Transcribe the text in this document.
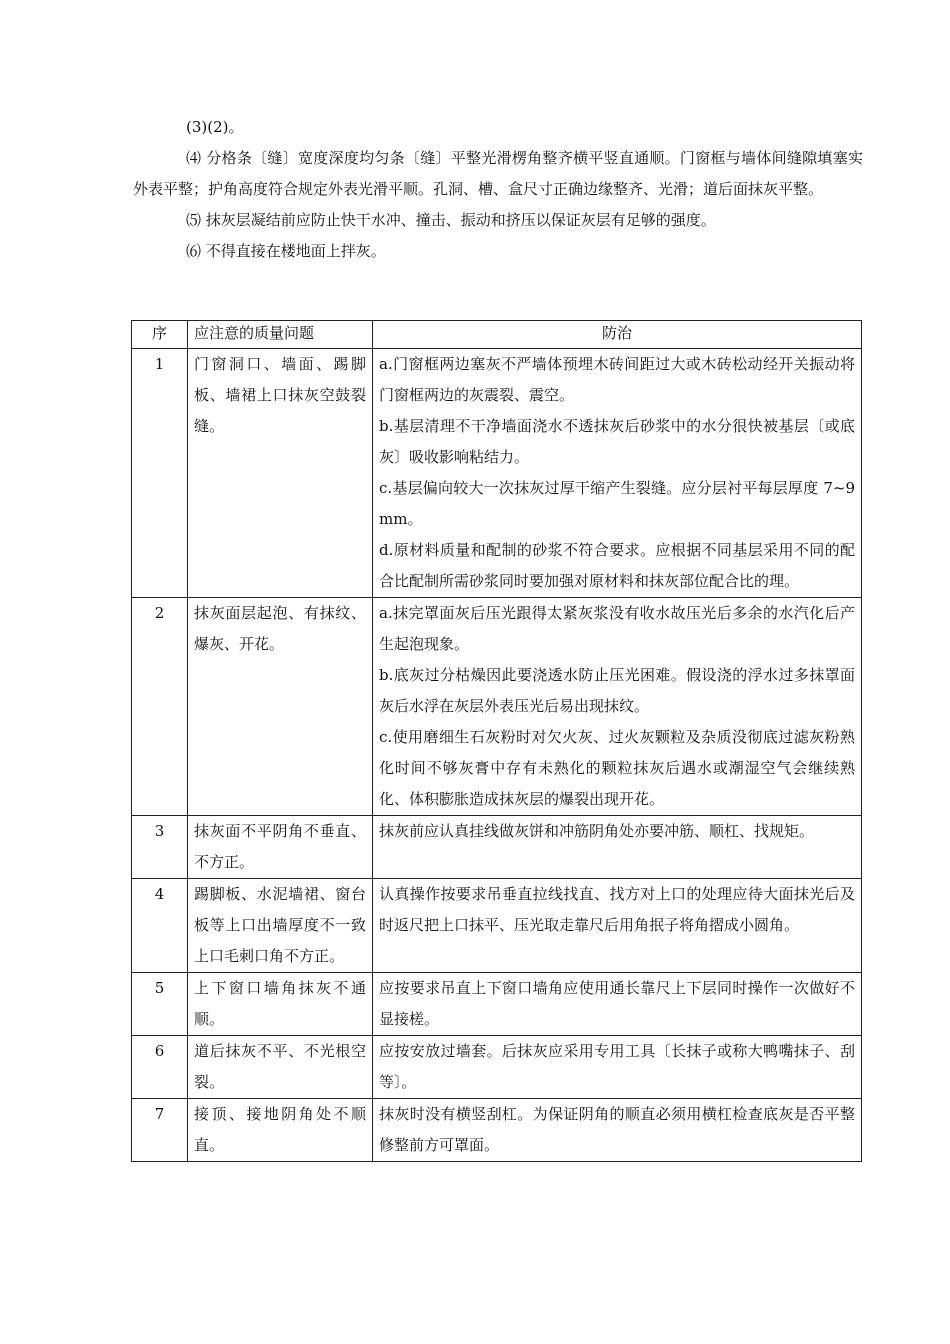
(3)(2)。

⑷ 分格条〔缝〕宽度深度均匀条〔缝〕平整光滑楞角整齐横平竖直通顺。门窗框与墙体间缝隙填塞实外表平整；护角高度符合规定外表光滑平顺。孔洞、槽、盒尺寸正确边缘整齐、光滑；道后面抹灰平整。

⑸ 抹灰层凝结前应防止快干水冲、撞击、振动和挤压以保证灰层有足够的强度。

⑹ 不得直接在楼地面上拌灰。

序	应注意的质量问题	防治
1	门窗洞口、墙面、踢脚板、墙裙上口抹灰空鼓裂缝。	a.门窗框两边塞灰不严墙体预埋木砖间距过大或木砖松动经开关振动将门窗框两边的灰震裂、震空。

b.基层清理不干净墙面浇水不透抹灰后砂浆中的水分很快被基层〔或底灰〕吸收影响粘结力。

c.基层偏向较大一次抹灰过厚干缩产生裂缝。应分层衬平每层厚度 7~9 mm。

d.原材料质量和配制的砂浆不符合要求。应根据不同基层采用不同的配合比配制所需砂浆同时要加强对原材料和抹灰部位配合比的理。

2	抹灰面层起泡、有抹纹、爆灰、开花。	a.抹完罩面灰后压光跟得太紧灰浆没有收水故压光后多余的水汽化后产生起泡现象。

b.底灰过分枯燥因此要浇透水防止压光困难。假设浇的浮水过多抹罩面灰后水浮在灰层外表压光后易出现抹纹。

c.使用磨细生石灰粉时对欠火灰、过火灰颗粒及杂质没彻底过滤灰粉熟化时间不够灰膏中存有未熟化的颗粒抹灰后遇水或潮湿空气会继续熟化、体积膨胀造成抹灰层的爆裂出现开花。

3	抹灰面不平阴角不垂直、不方正。	抹灰前应认真挂线做灰饼和冲筋阴角处亦要冲筋、顺杠、找规矩。

4	踢脚板、水泥墙裙、窗台板等上口出墙厚度不一致上口毛刺口角不方正。	认真操作按要求吊垂直拉线找直、找方对上口的处理应待大面抹光后及时返尺把上口抹平、压光取走靠尺后用角抿子将角摺成小圆角。

5	上下窗口墙角抹灰不通顺。	应按要求吊直上下窗口墙角应使用通长靠尺上下层同时操作一次做好不显接槎。

6	道后抹灰不平、不光根空裂。	应按安放过墙套。后抹灰应采用专用工具〔长抹子或称大鸭嘴抹子、刮等〕。

7	接顶、接地阴角处不顺直。	抹灰时没有横竖刮杠。为保证阴角的顺直必须用横杠检查底灰是否平整修整前方可罩面。
